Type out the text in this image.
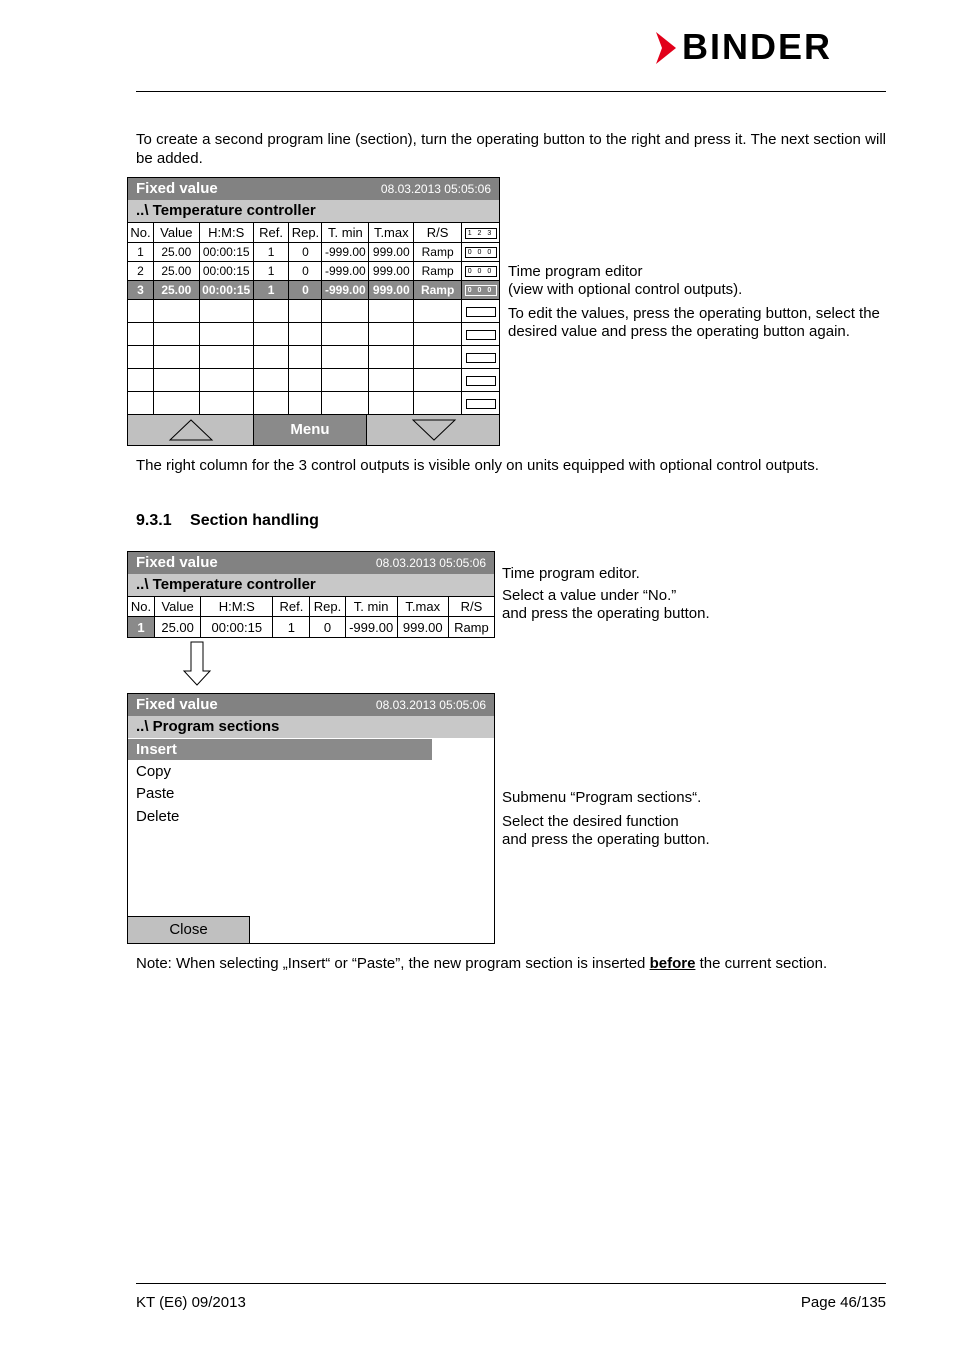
BINDER

To create a second program line (section), turn the operating button to the right and press it. The next section will be added.

Fixed value	08.03.2013 05:05:06
..\ Temperature controller
No.	Value	H:M:S	Ref.	Rep.	T. min	T.max	R/S	1 2 3
1	25.00	00:00:15	1	0	-999.00	999.00	Ramp	0 0 0
2	25.00	00:00:15	1	0	-999.00	999.00	Ramp	0 0 0
3	25.00	00:00:15	1	0	-999.00	999.00	Ramp	0 0 0

Menu

Time program editor

(view with optional control outputs).

To edit the values, press the operating button, select the desired value and press the operating button again.

The right column for the 3 control outputs is visible only on units equipped with optional control outputs.

9.3.1 Section handling
Fixed value	08.03.2013 05:05:06
..\ Temperature controller
No.	Value	H:M:S	Ref.	Rep.	T. min	T.max	R/S
1	25.00	00:00:15	1	0	-999.00	999.00	Ramp

Time program editor.

Select a value under “No.”

and press the operating button.

Fixed value	08.03.2013 05:05:06
..\ Program sections
Insert
Copy
Paste
Delete
Close

Submenu “Program sections“.

Select the desired function

and press the operating button.

Note: When selecting „Insert“ or “Paste”, the new program section is inserted before the current section.

KT (E6) 09/2013	Page 46/135
